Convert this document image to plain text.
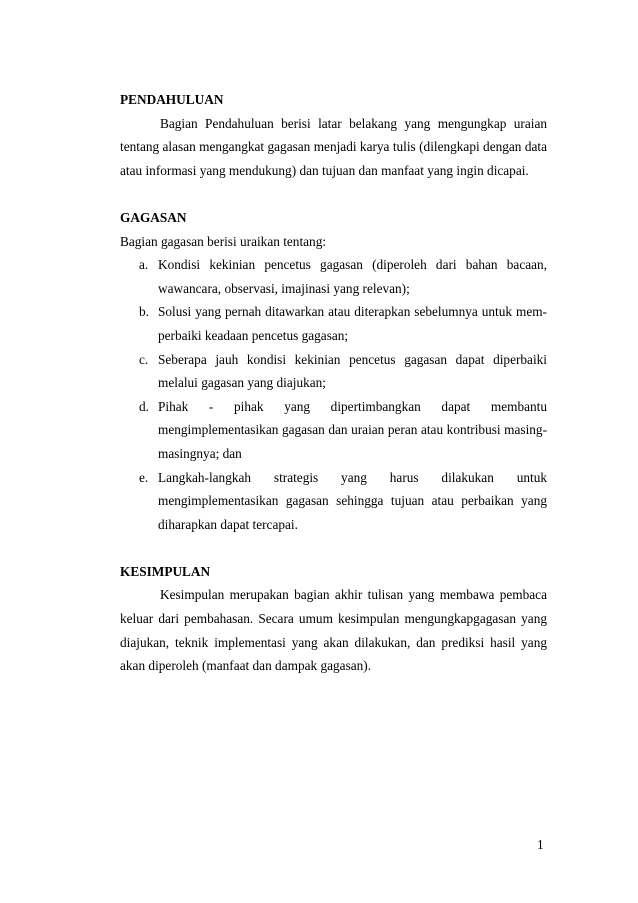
PENDAHULUAN

Bagian Pendahuluan berisi latar belakang yang mengungkap uraian tentang alasan mengangkat gagasan menjadi karya tulis (dilengkapi dengan data atau informasi yang mendukung) dan tujuan dan manfaat yang ingin dicapai.

GAGASAN

Bagian gagasan berisi uraikan tentang:

a. Kondisi kekinian pencetus gagasan (diperoleh dari bahan bacaan, wawancara, observasi, imajinasi yang relevan);
b. Solusi yang pernah ditawarkan atau diterapkan sebelumnya untuk mem-perbaiki keadaan pencetus gagasan;
c. Seberapa jauh kondisi kekinian pencetus gagasan dapat diperbaiki melalui gagasan yang diajukan;
d. Pihak - pihak yang dipertimbangkan dapat membantu mengimplementasikan gagasan dan uraian peran atau kontribusi masing-masingnya; dan
e. Langkah-langkah strategis yang harus dilakukan untuk mengimplementasikan gagasan sehingga tujuan atau perbaikan yang diharapkan dapat tercapai.
KESIMPULAN

Kesimpulan merupakan bagian akhir tulisan yang membawa pembaca keluar dari pembahasan. Secara umum kesimpulan mengungkapgagasan yang diajukan, teknik implementasi yang akan dilakukan, dan prediksi hasil yang akan diperoleh (manfaat dan dampak gagasan).

1
